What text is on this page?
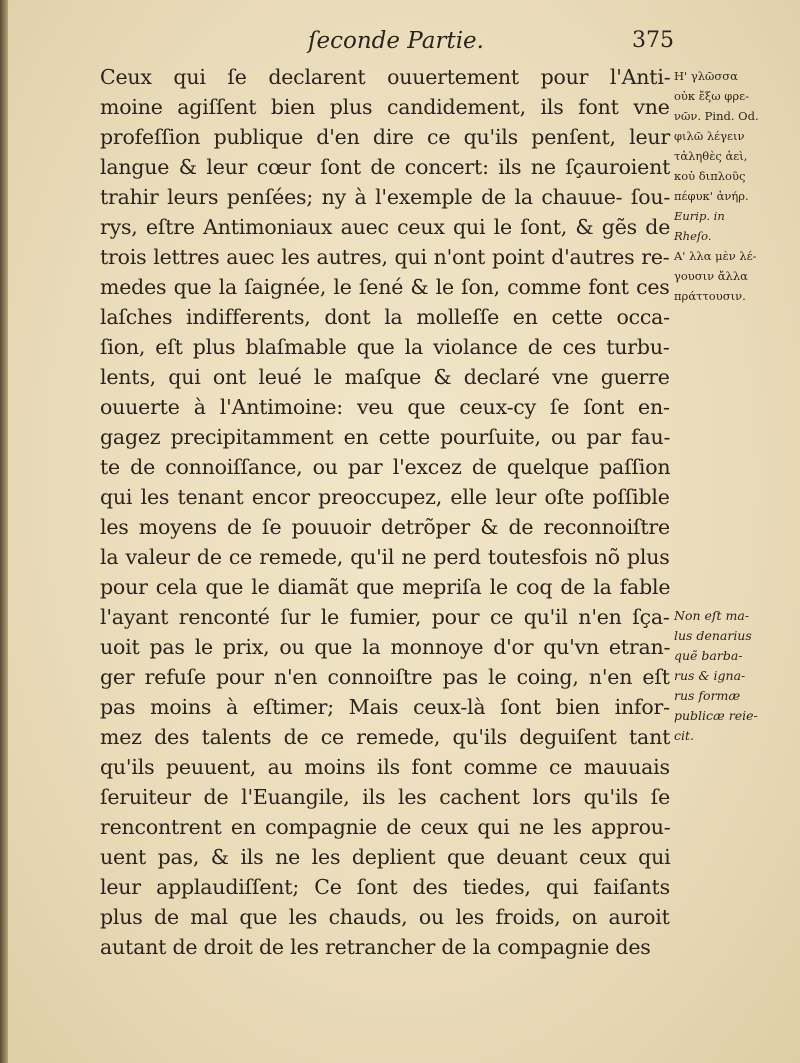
ſeconde Partie.	375
Ceux qui ſe declarent ouuertement pour l'Anti-
moine agiſſent bien plus candidement, ils font vne
profeſſion publique d'en dire ce qu'ils penſent, leur
langue & leur cœur ſont de concert: ils ne ſçauroient
trahir leurs penſées; ny à l'exemple de la chauue- ſou-
rys, eſtre Antimoniaux auec ceux qui le ſont, & gẽs de
trois lettres auec les autres, qui n'ont point d'autres re-
medes que la ſaignée, le ſené & le ſon, comme font ces
laſches indifferents, dont la molleſſe en cette occa-
ſion, eſt plus blaſmable que la violance de ces turbu-
lents, qui ont leué le maſque & declaré vne guerre
ouuerte à l'Antimoine: veu que ceux-cy ſe ſont en-
gagez precipitamment en cette pourſuite, ou par fau-
te de connoiſſance, ou par l'excez de quelque paſſion
qui les tenant encor preoccupez, elle leur oſte poſſible
les moyens de ſe pouuoir detrõper & de reconnoiſtre
la valeur de ce remede, qu'il ne perd toutesfois nõ plus
pour cela que le diamãt que mepriſa le coq de la fable
l'ayant renconté ſur le fumier, pour ce qu'il n'en ſça-
uoit pas le prix, ou que la monnoye d'or qu'vn etran-
ger refuſe pour n'en connoiſtre pas le coing, n'en eſt
pas moins à eſtimer; Mais ceux-là ſont bien infor-
mez des talents de ce remede, qu'ils deguiſent tant
qu'ils peuuent, au moins ils font comme ce mauuais
ſeruiteur de l'Euangile, ils les cachent lors qu'ils ſe
rencontrent en compagnie de ceux qui ne les approu-
uent pas, & ils ne les deplient que deuant ceux qui
leur applaudiſſent; Ce ſont des tiedes, qui faiſants
plus de mal que les chauds, ou les froids, on auroit
autant de droit de les retrancher de la compagnie des
Η' γλῶσσα
οὐκ ἔξω φρε-
νῶν. Pind. Od.
φιλῶ λέγειν
τἀληθὲς ἀεὶ,
κοὐ διπλοῦς
πέφυκ' ἀνήρ.
Eurip. in
Rheſo.
Α' λλα μὲν λέ-
γουσιν ἄλλα
πράττουσιν.
Non eſt ma-
lus denarius
quẽ barba-
rus & igna-
rus formæ
publicæ reie-
cit.
